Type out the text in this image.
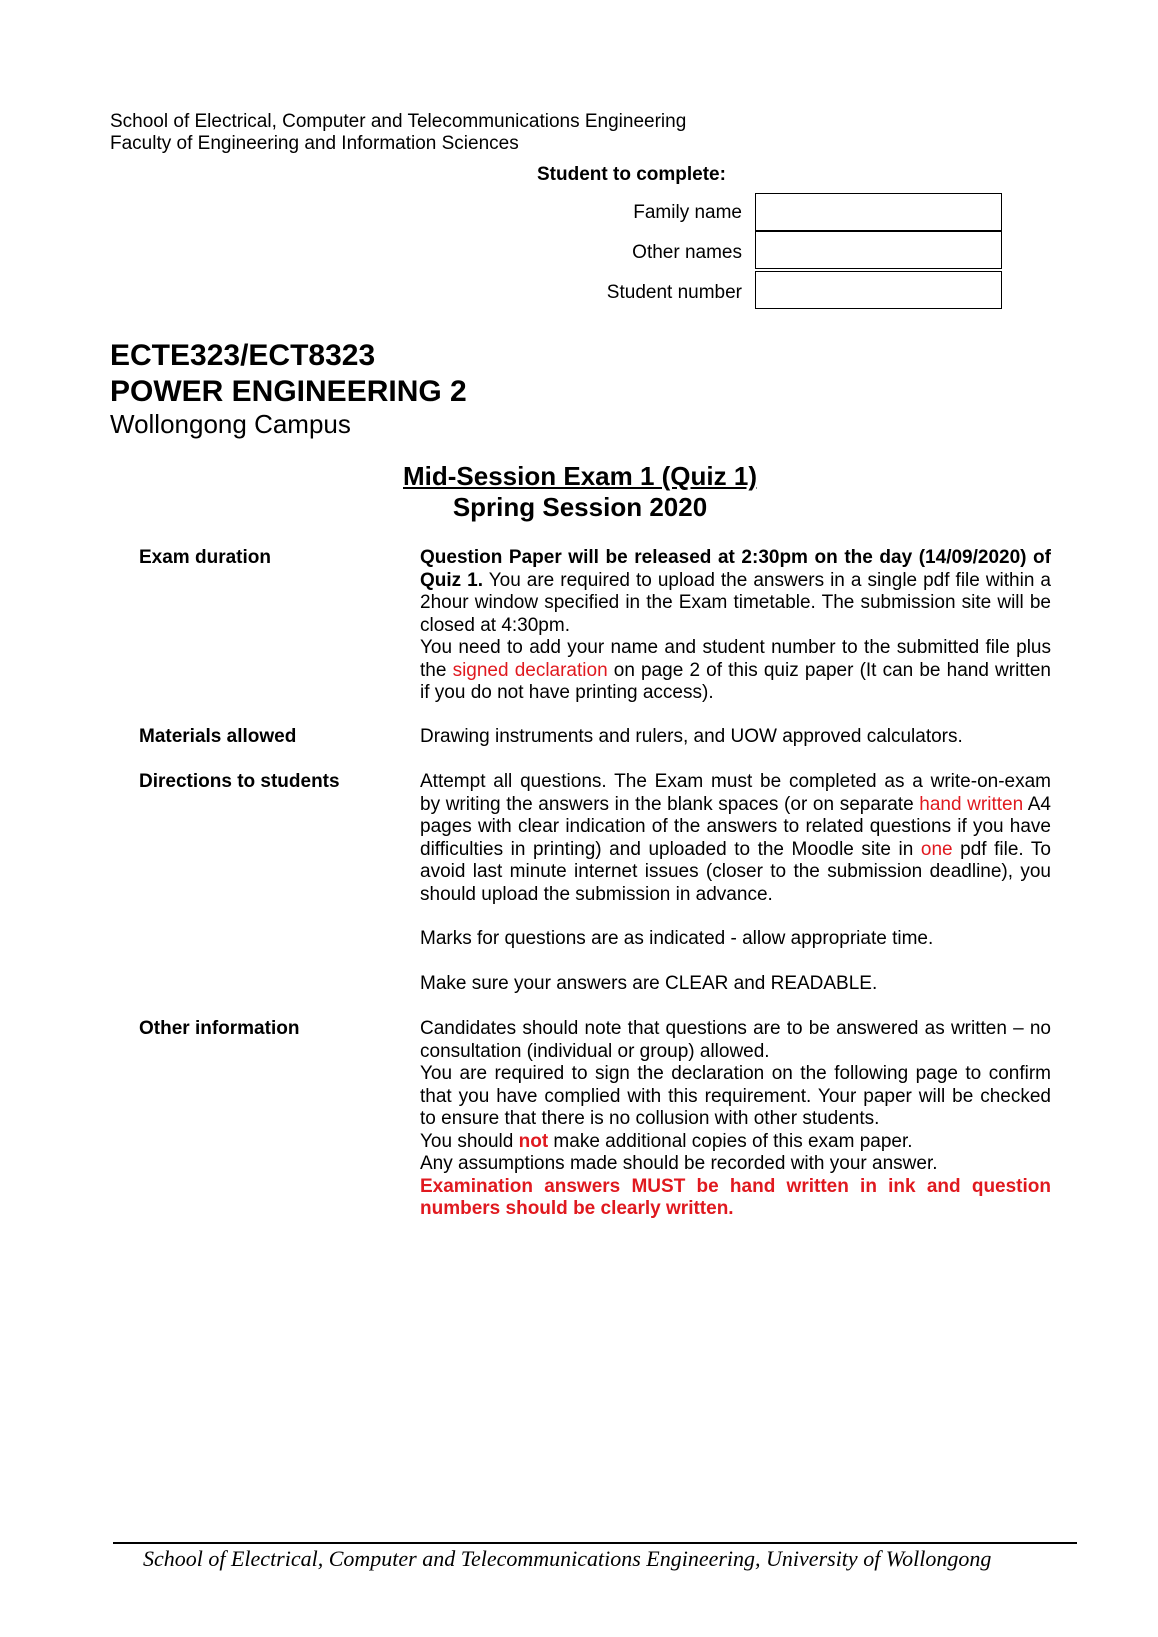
School of Electrical, Computer and Telecommunications Engineering
Faculty of Engineering and Information Sciences
Student to complete:
Family name
Other names
Student number
ECTE323/ECT8323
POWER ENGINEERING 2
Wollongong Campus
Mid-Session Exam 1 (Quiz 1)
Spring Session 2020
Exam duration	Question Paper will be released at 2:30pm on the day (14/09/2020) of Quiz 1. You are required to upload the answers in a single pdf file within a 2hour window specified in the Exam timetable. The submission site will be closed at 4:30pm.

You need to add your name and student number to the submitted file plus the signed declaration on page 2 of this quiz paper (It can be hand written if you do not have printing access).

Materials allowed	Drawing instruments and rulers, and UOW approved calculators.

Directions to students	Attempt all questions. The Exam must be completed as a write-on-exam by writing the answers in the blank spaces (or on separate hand written A4 pages with clear indication of the answers to related questions if you have difficulties in printing) and uploaded to the Moodle site in one pdf file. To avoid last minute internet issues (closer to the submission deadline), you should upload the submission in advance.

Marks for questions are as indicated - allow appropriate time.

Make sure your answers are CLEAR and READABLE.

Other information	Candidates should note that questions are to be answered as written – no consultation (individual or group) allowed.

You are required to sign the declaration on the following page to confirm that you have complied with this requirement. Your paper will be checked to ensure that there is no collusion with other students.

You should not make additional copies of this exam paper.

Any assumptions made should be recorded with your answer.

Examination answers MUST be hand written in ink and question numbers should be clearly written.

School of Electrical, Computer and Telecommunications Engineering, University of Wollongong
